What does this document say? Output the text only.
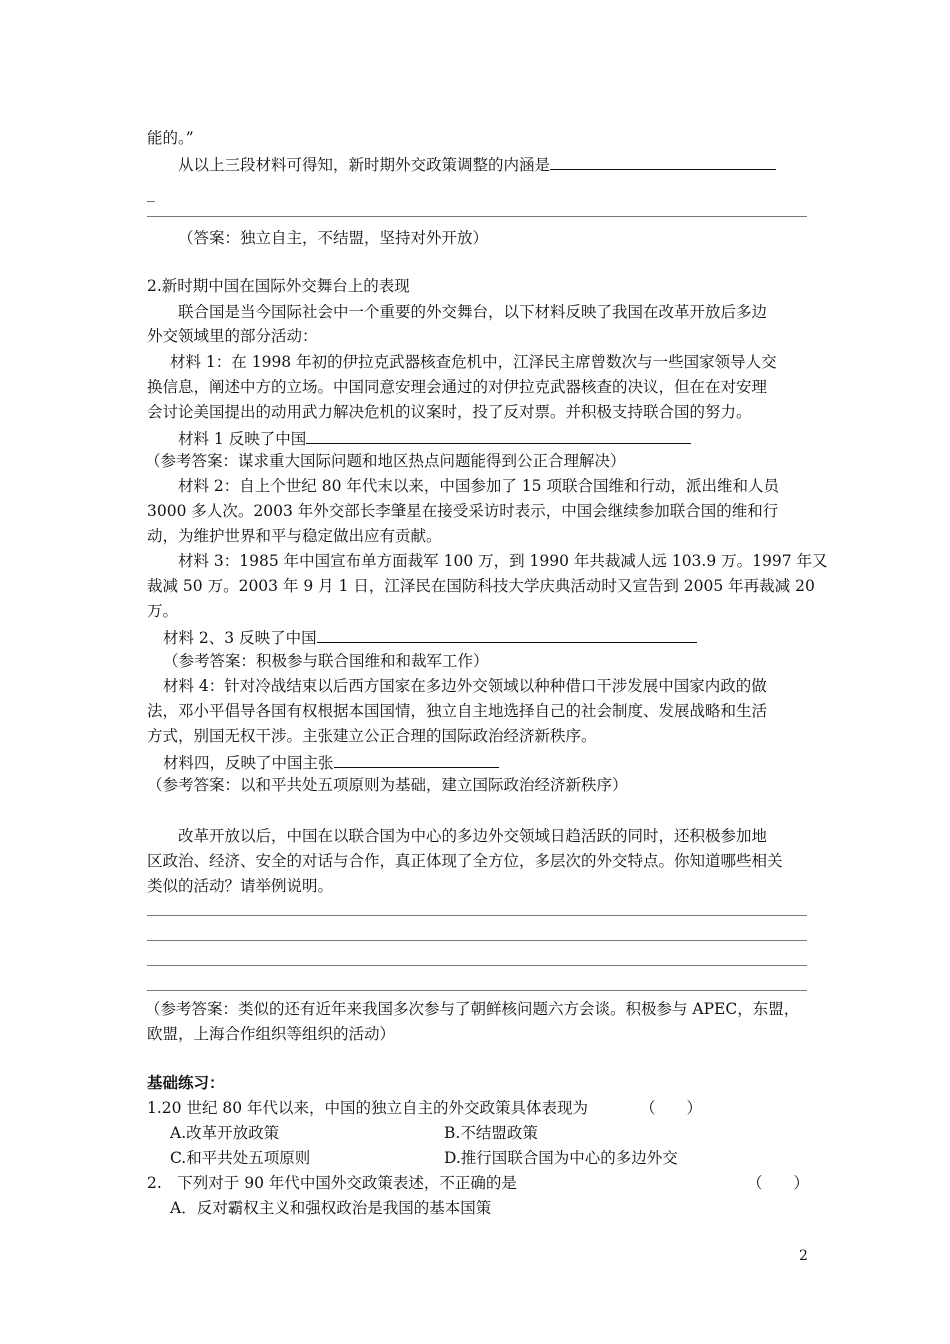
能的。”
从以上三段材料可得知，新时期外交政策调整的内涵是
_
（答案：独立自主，不结盟，坚持对外开放）
2.新时期中国在国际外交舞台上的表现
联合国是当今国际社会中一个重要的外交舞台，以下材料反映了我国在改革开放后多边
外交领域里的部分活动：
材料 1：在 1998 年初的伊拉克武器核查危机中，江泽民主席曾数次与一些国家领导人交
换信息，阐述中方的立场。中国同意安理会通过的对伊拉克武器核查的决议，但在在对安理
会讨论美国提出的动用武力解决危机的议案时，投了反对票。并积极支持联合国的努力。
材料 1 反映了中国
（参考答案：谋求重大国际问题和地区热点问题能得到公正合理解决）
材料 2：自上个世纪 80 年代末以来，中国参加了 15 项联合国维和行动，派出维和人员
3000 多人次。2003 年外交部长李肇星在接受采访时表示，中国会继续参加联合国的维和行
动，为维护世界和平与稳定做出应有贡献。
材料 3：1985 年中国宣布单方面裁军 100 万，到 1990 年共裁减人远 103.9 万。1997 年又
裁减 50 万。2003 年 9 月 1 日，江泽民在国防科技大学庆典活动时又宣告到 2005 年再裁减 20
万。
材料 2、3 反映了中国
（参考答案：积极参与联合国维和和裁军工作）
材料 4：针对冷战结束以后西方国家在多边外交领域以种种借口干涉发展中国家内政的做
法，邓小平倡导各国有权根据本国国情，独立自主地选择自己的社会制度、发展战略和生活
方式，别国无权干涉。主张建立公正合理的国际政治经济新秩序。
材料四，反映了中国主张
（参考答案：以和平共处五项原则为基础，建立国际政治经济新秩序）
改革开放以后，中国在以联合国为中心的多边外交领域日趋活跃的同时，还积极参加地
区政治、经济、安全的对话与合作，真正体现了全方位，多层次的外交特点。你知道哪些相关
类似的活动？请举例说明。
（参考答案：类似的还有近年来我国多次参与了朝鲜核问题六方会谈。积极参与 APEC，东盟，
欧盟，上海合作组织等组织的活动）
基础练习：
1.20 世纪 80 年代以来，中国的独立自主的外交政策具体表现为	（　　）
A.改革开放政策	B.不结盟政策
C.和平共处五项原则	D.推行国联合国为中心的多边外交
2.　下列对于 90 年代中国外交政策表述，不正确的是	（　　）
A．反对霸权主义和强权政治是我国的基本国策
2
